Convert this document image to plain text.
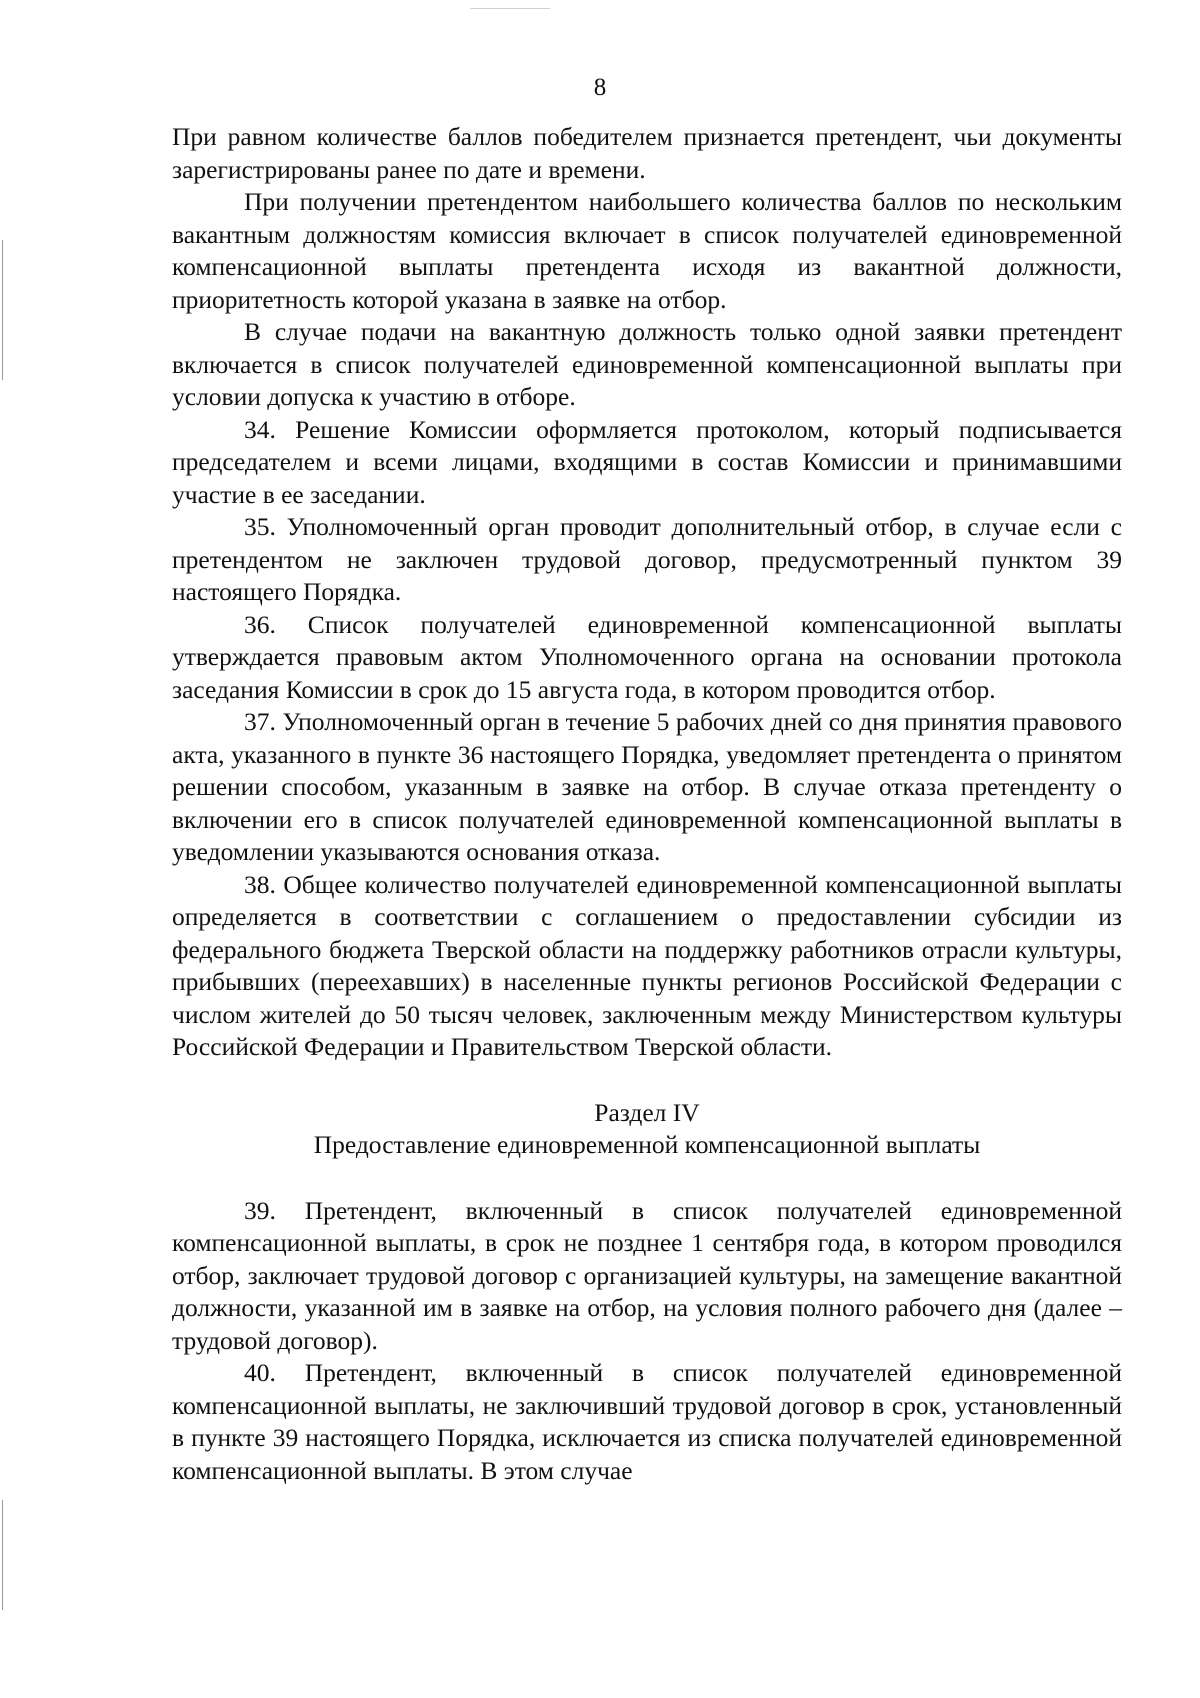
8

При равном количестве баллов победителем признается претендент, чьи документы зарегистрированы ранее по дате и времени.

При получении претендентом наибольшего количества баллов по нескольким вакантным должностям комиссия включает в список получателей единовременной компенсационной выплаты претендента исходя из вакантной должности, приоритетность которой указана в заявке на отбор.

В случае подачи на вакантную должность только одной заявки претендент включается в список получателей единовременной компенсационной выплаты при условии допуска к участию в отборе.

34. Решение Комиссии оформляется протоколом, который подписывается председателем и всеми лицами, входящими в состав Комиссии и принимавшими участие в ее заседании.

35. Уполномоченный орган проводит дополнительный отбор, в случае если с претендентом не заключен трудовой договор, предусмотренный пунктом 39 настоящего Порядка.

36. Список получателей единовременной компенсационной выплаты утверждается правовым актом Уполномоченного органа на основании протокола заседания Комиссии в срок до 15 августа года, в котором проводится отбор.

37. Уполномоченный орган в течение 5 рабочих дней со дня принятия правового акта, указанного в пункте 36 настоящего Порядка, уведомляет претендента о принятом решении способом, указанным в заявке на отбор. В случае отказа претенденту о включении его в список получателей единовременной компенсационной выплаты в уведомлении указываются основания отказа.

38. Общее количество получателей единовременной компенсационной выплаты определяется в соответствии с соглашением о предоставлении субсидии из федерального бюджета Тверской области на поддержку работников отрасли культуры, прибывших (переехавших) в населенные пункты регионов Российской Федерации с числом жителей до 50 тысяч человек, заключенным между Министерством культуры Российской Федерации и Правительством Тверской области.

Раздел IV

Предоставление единовременной компенсационной выплаты

39. Претендент, включенный в список получателей единовременной компенсационной выплаты, в срок не позднее 1 сентября года, в котором проводился отбор, заключает трудовой договор с организацией культуры, на замещение вакантной должности, указанной им в заявке на отбор, на условия полного рабочего дня (далее – трудовой договор).

40. Претендент, включенный в список получателей единовременной компенсационной выплаты, не заключивший трудовой договор в срок, установленный в пункте 39 настоящего Порядка, исключается из списка получателей единовременной компенсационной выплаты. В этом случае
